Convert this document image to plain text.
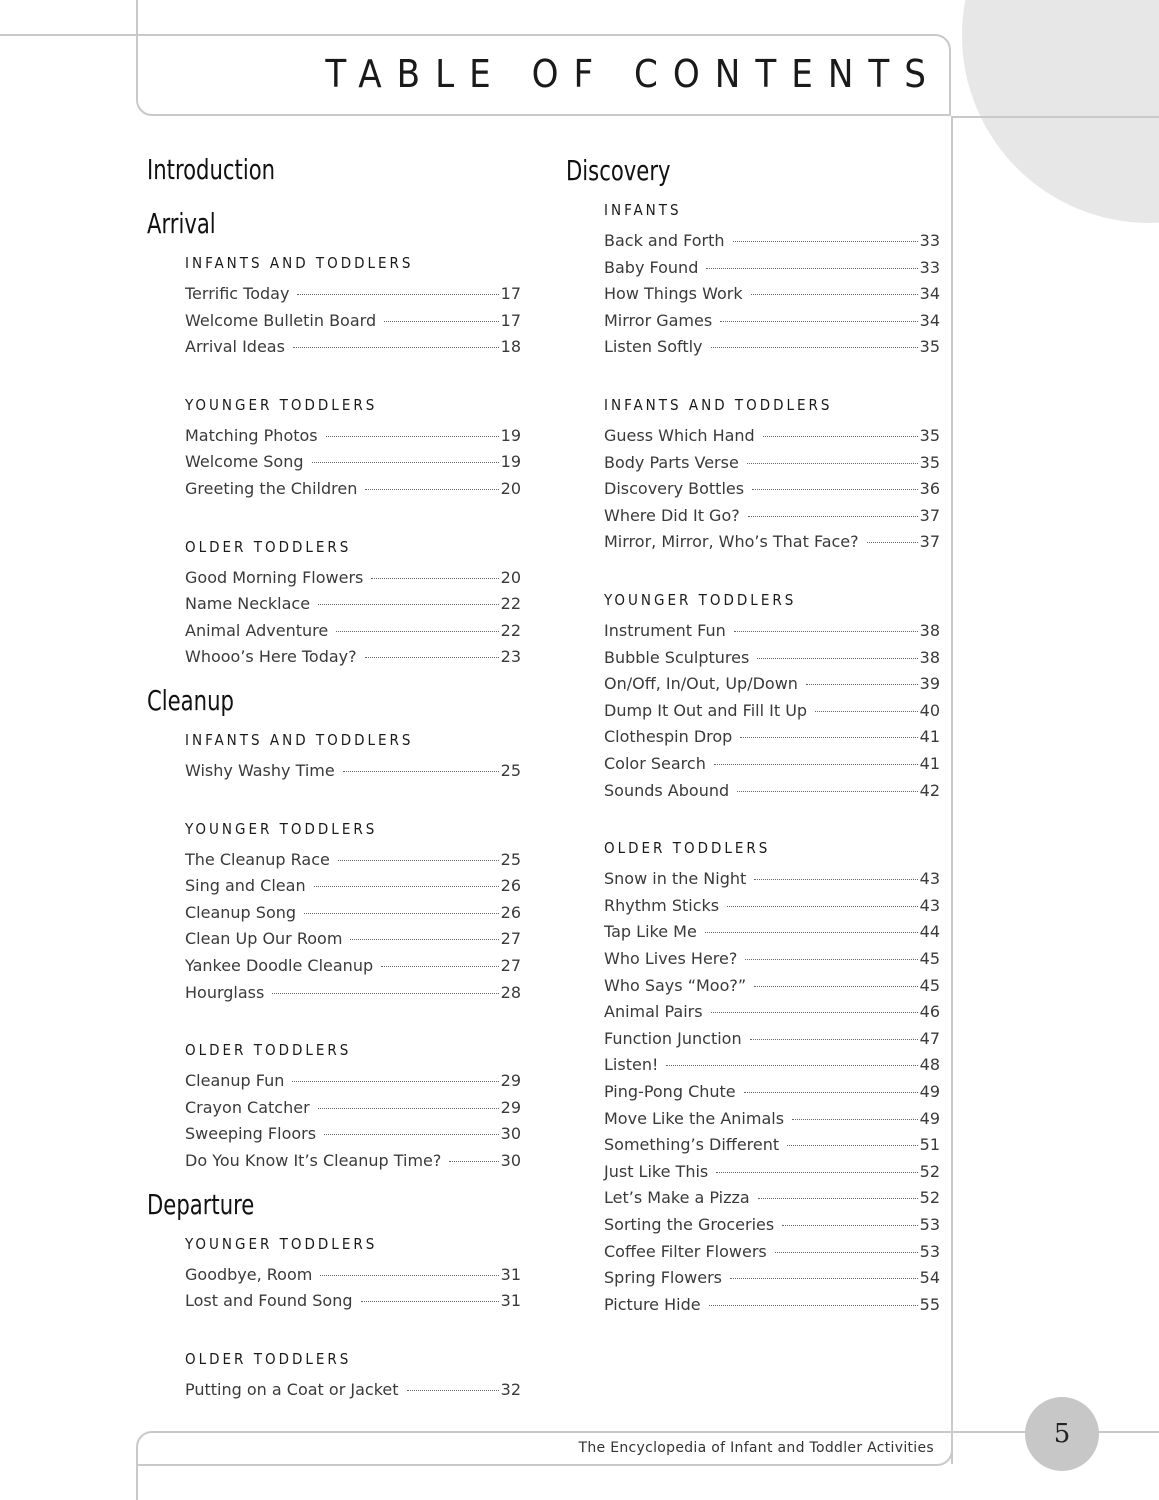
TABLE OF CONTENTS
Introduction
Arrival
INFANTS AND TODDLERS
Terrific Today	17
Welcome Bulletin Board	17
Arrival Ideas	18
YOUNGER TODDLERS
Matching Photos	19
Welcome Song	19
Greeting the Children	20
OLDER TODDLERS
Good Morning Flowers	20
Name Necklace	22
Animal Adventure	22
Whooo’s Here Today?	23
Cleanup
INFANTS AND TODDLERS
Wishy Washy Time	25
YOUNGER TODDLERS
The Cleanup Race	25
Sing and Clean	26
Cleanup Song	26
Clean Up Our Room	27
Yankee Doodle Cleanup	27
Hourglass	28
OLDER TODDLERS
Cleanup Fun	29
Crayon Catcher	29
Sweeping Floors	30
Do You Know It’s Cleanup Time?	30
Departure
YOUNGER TODDLERS
Goodbye, Room	31
Lost and Found Song	31
OLDER TODDLERS
Putting on a Coat or Jacket	32
Discovery
INFANTS
Back and Forth	33
Baby Found	33
How Things Work	34
Mirror Games	34
Listen Softly	35
INFANTS AND TODDLERS
Guess Which Hand	35
Body Parts Verse	35
Discovery Bottles	36
Where Did It Go?	37
Mirror, Mirror, Who’s That Face?	37
YOUNGER TODDLERS
Instrument Fun	38
Bubble Sculptures	38
On/Off, In/Out, Up/Down	39
Dump It Out and Fill It Up	40
Clothespin Drop	41
Color Search	41
Sounds Abound	42
OLDER TODDLERS
Snow in the Night	43
Rhythm Sticks	43
Tap Like Me	44
Who Lives Here?	45
Who Says “Moo?”	45
Animal Pairs	46
Function Junction	47
Listen!	48
Ping-Pong Chute	49
Move Like the Animals	49
Something’s Different	51
Just Like This	52
Let’s Make a Pizza	52
Sorting the Groceries	53
Coffee Filter Flowers	53
Spring Flowers	54
Picture Hide	55
The Encyclopedia of Infant and Toddler Activities	5
